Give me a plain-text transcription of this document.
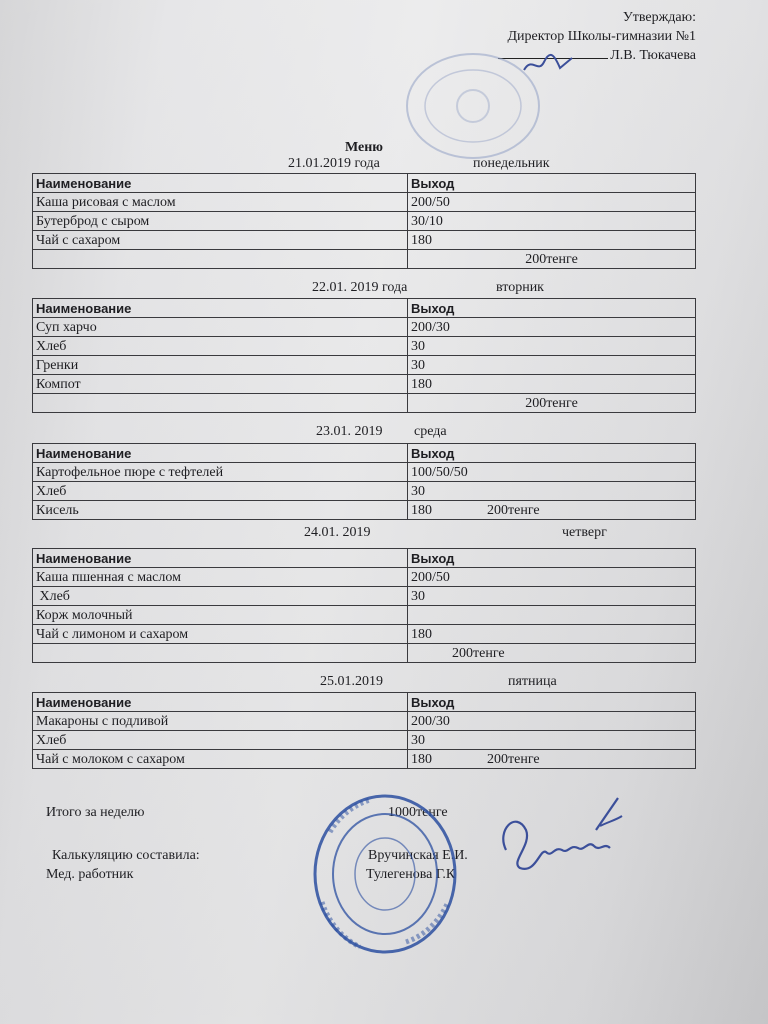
Утверждаю:
Директор Школы-гимназии №1
Л.В. Тюкачева
Меню
21.01.2019 года	понедельник
Наименование	Выход
Каша рисовая с маслом	200/50
Бутерброд с сыром	30/10
Чай с сахаром	180
	200тенге
22.01. 2019 года	вторник
Наименование	Выход
Суп харчо	200/30
Хлеб	30
Гренки	30
Компот	180
	200тенге
23.01. 2019 среда
Наименование	Выход
Картофельное пюре с тефтелей	100/50/50
Хлеб	30
Кисель	180 200тенге
24.01. 2019	четверг
Наименование	Выход
Каша пшенная с маслом	200/50
Хлеб	30
Корж молочный	
Чай с лимоном и сахаром	180
	200тенге
25.01.2019	пятница
Наименование	Выход
Макароны с подливой	200/30
Хлеб	30
Чай с молоком с сахаром	180 200тенге
Итого за неделю	1000тенге
Калькуляцию составила:	Вручинская Е.И.
Мед. работник	Тулегенова Г.К
